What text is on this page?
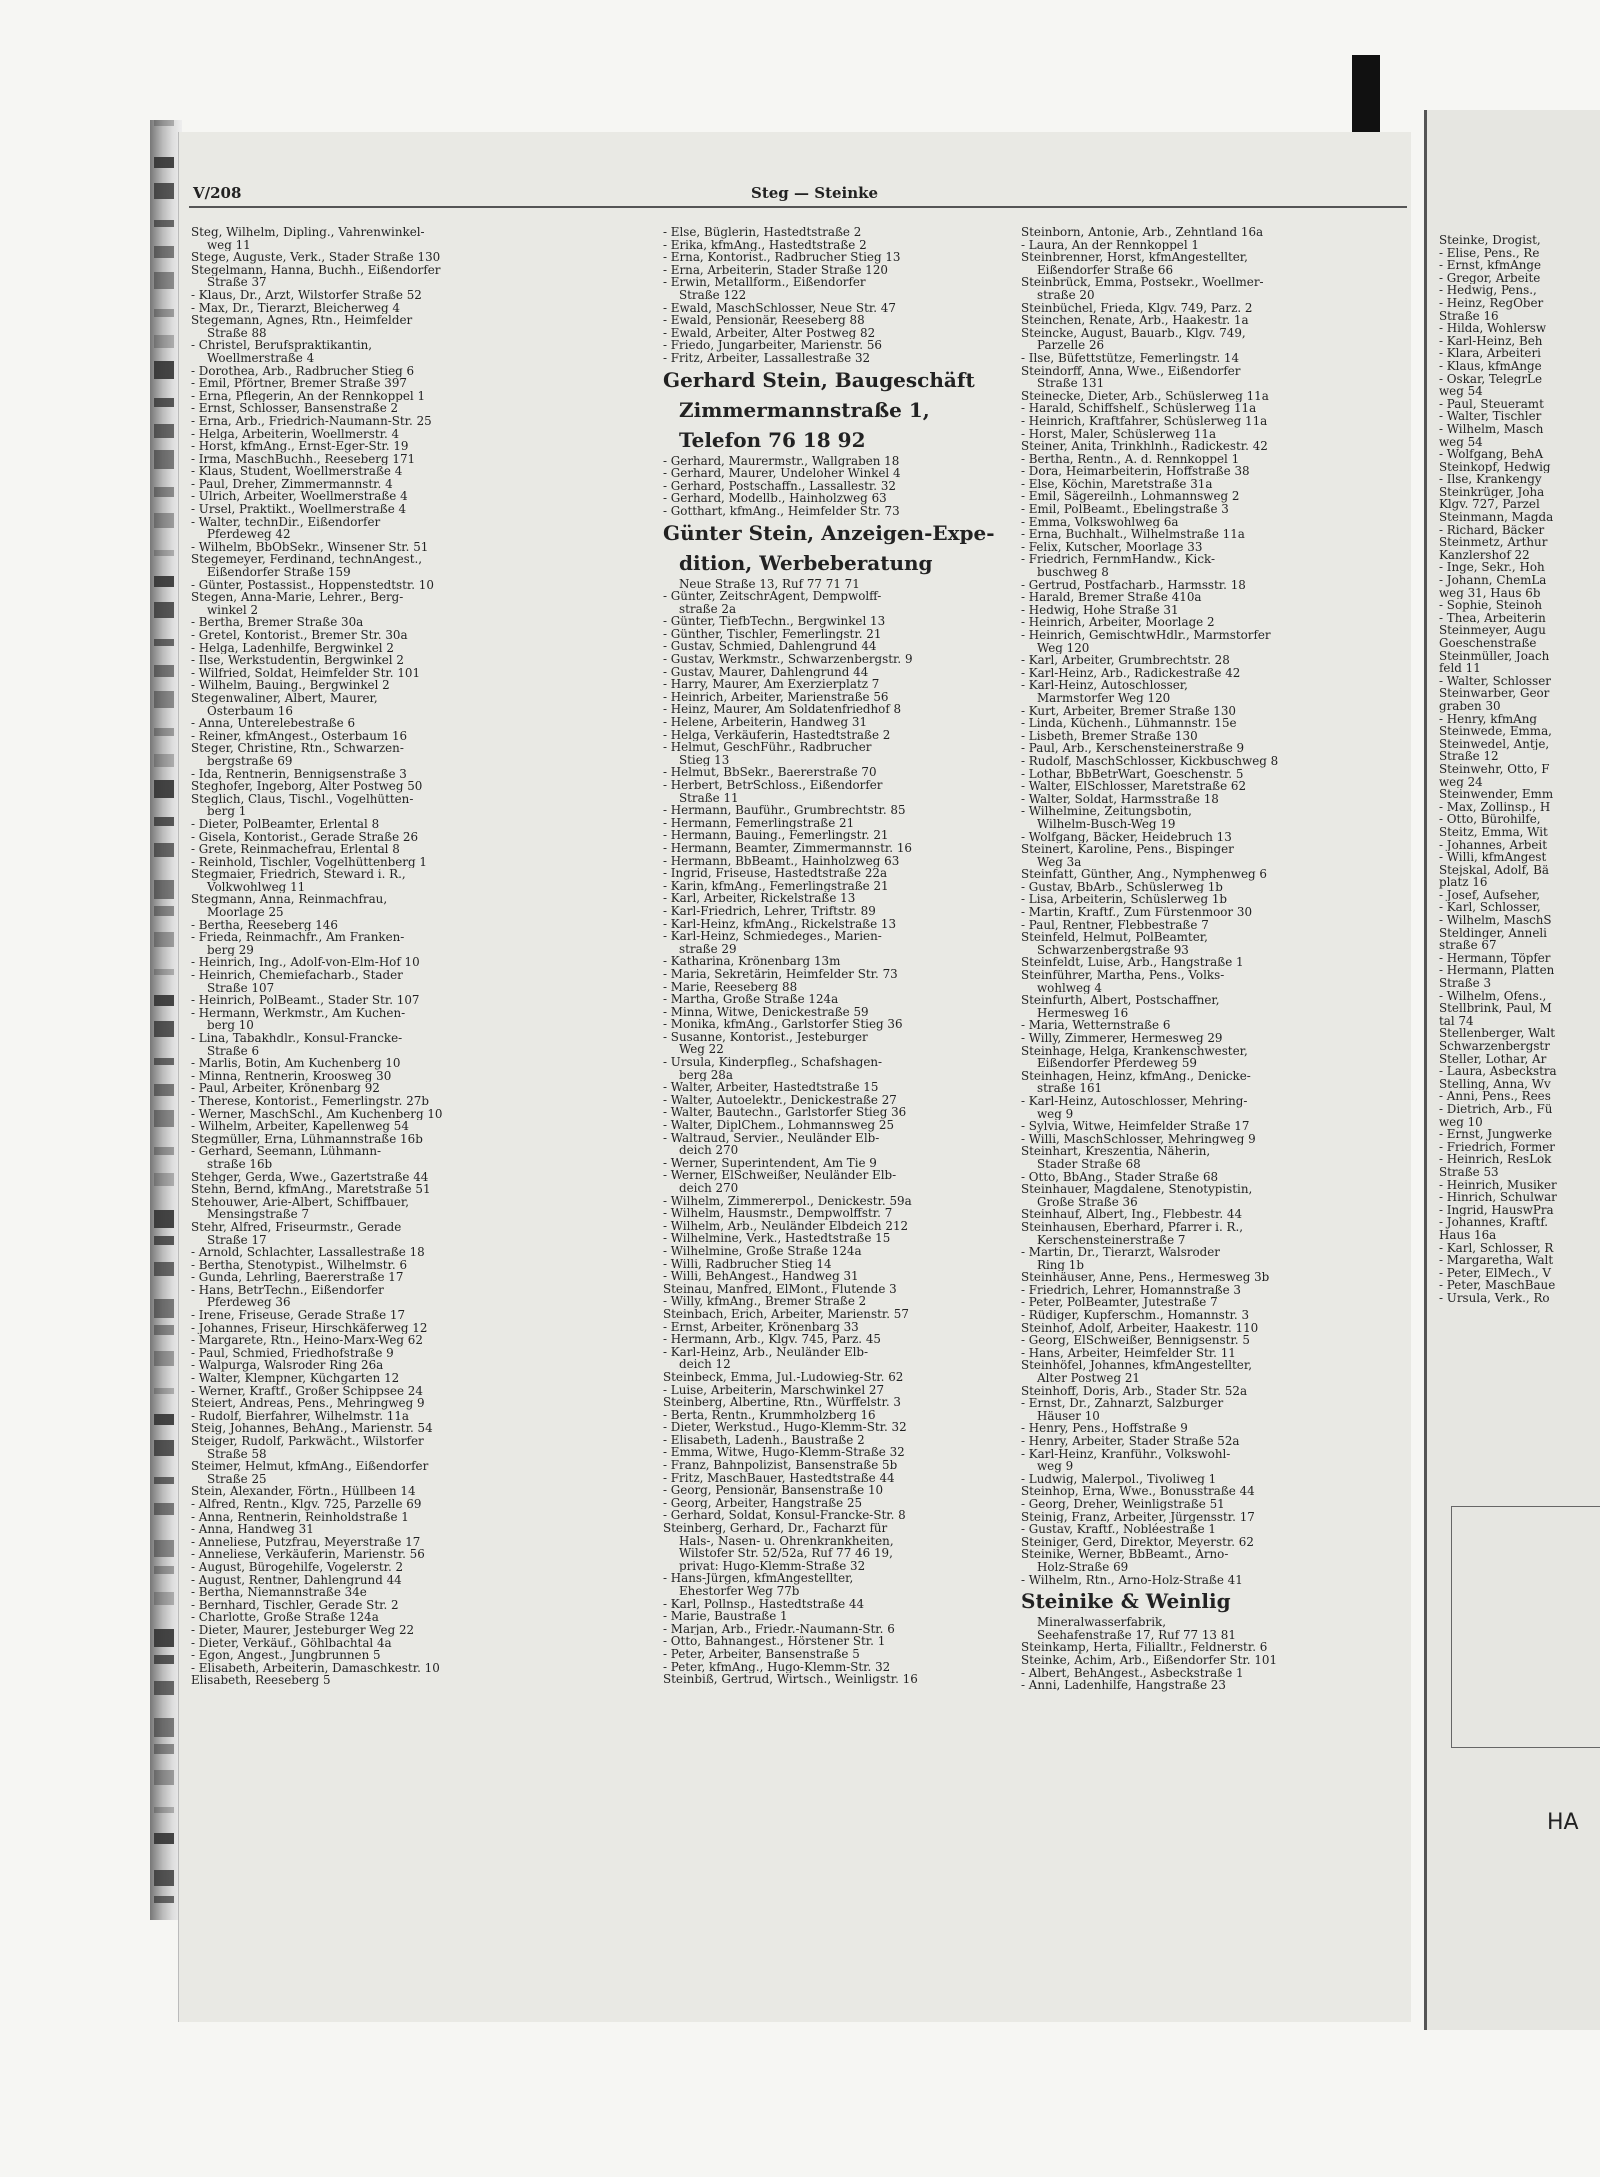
V/208	Steg — Steinke
Steg, Wilhelm, Dipling., Vahrenwinkel-
weg 11
Stege, Auguste, Verk., Stader Straße 130
Stegelmann, Hanna, Buchh., Eißendorfer
Straße 37
- Klaus, Dr., Arzt, Wilstorfer Straße 52
- Max, Dr., Tierarzt, Bleicherweg 4
Stegemann, Agnes, Rtn., Heimfelder
Straße 88
- Christel, Berufspraktikantin,
Woellmerstraße 4
- Dorothea, Arb., Radbrucher Stieg 6
- Emil, Pförtner, Bremer Straße 397
- Erna, Pflegerin, An der Rennkoppel 1
- Ernst, Schlosser, Bansenstraße 2
- Erna, Arb., Friedrich-Naumann-Str. 25
- Helga, Arbeiterin, Woellmerstr. 4
- Horst, kfmAng., Ernst-Eger-Str. 19
- Irma, MaschBuchh., Reeseberg 171
- Klaus, Student, Woellmerstraße 4
- Paul, Dreher, Zimmermannstr. 4
- Ulrich, Arbeiter, Woellmerstraße 4
- Ursel, Praktikt., Woellmerstraße 4
- Walter, technDir., Eißendorfer
Pferdeweg 42
- Wilhelm, BbObSekr., Winsener Str. 51
Stegemeyer, Ferdinand, technAngest.,
Eißendorfer Straße 159
- Günter, Postassist., Hoppenstedtstr. 10
Stegen, Anna-Marie, Lehrer., Berg-
winkel 2
- Bertha, Bremer Straße 30a
- Gretel, Kontorist., Bremer Str. 30a
- Helga, Ladenhilfe, Bergwinkel 2
- Ilse, Werkstudentin, Bergwinkel 2
- Wilfried, Soldat, Heimfelder Str. 101
- Wilhelm, Bauing., Bergwinkel 2
Stegenwaliner, Albert, Maurer,
Osterbaum 16
- Anna, Unterelebestraße 6
- Reiner, kfmAngest., Osterbaum 16
Steger, Christine, Rtn., Schwarzen-
bergstraße 69
- Ida, Rentnerin, Bennigsenstraße 3
Steghofer, Ingeborg, Alter Postweg 50
Steglich, Claus, Tischl., Vogelhütten-
berg 1
- Dieter, PolBeamter, Erlental 8
- Gisela, Kontorist., Gerade Straße 26
- Grete, Reinmachefrau, Erlental 8
- Reinhold, Tischler, Vogelhüttenberg 1
Stegmaier, Friedrich, Steward i. R.,
Volkwohlweg 11
Stegmann, Anna, Reinmachfrau,
Moorlage 25
- Bertha, Reeseberg 146
- Frieda, Reinmachfr., Am Franken-
berg 29
- Heinrich, Ing., Adolf-von-Elm-Hof 10
- Heinrich, Chemiefacharb., Stader
Straße 107
- Heinrich, PolBeamt., Stader Str. 107
- Hermann, Werkmstr., Am Kuchen-
berg 10
- Lina, Tabakhdlr., Konsul-Francke-
Straße 6
- Marlis, Botin, Am Kuchenberg 10
- Minna, Rentnerin, Kroosweg 30
- Paul, Arbeiter, Krönenbarg 92
- Therese, Kontorist., Femerlingstr. 27b
- Werner, MaschSchl., Am Kuchenberg 10
- Wilhelm, Arbeiter, Kapellenweg 54
Stegmüller, Erna, Lühmannstraße 16b
- Gerhard, Seemann, Lühmann-
straße 16b
Stehger, Gerda, Wwe., Gazertstraße 44
Stehn, Bernd, kfmAng., Maretstraße 51
Stehouwer, Arie-Albert, Schiffbauer,
Mensingstraße 7
Stehr, Alfred, Friseurmstr., Gerade
Straße 17
- Arnold, Schlachter, Lassallestraße 18
- Bertha, Stenotypist., Wilhelmstr. 6
- Gunda, Lehrling, Baererstraße 17
- Hans, BetrTechn., Eißendorfer
Pferdeweg 36
- Irene, Friseuse, Gerade Straße 17
- Johannes, Friseur, Hirschkäferweg 12
- Margarete, Rtn., Heino-Marx-Weg 62
- Paul, Schmied, Friedhofstraße 9
- Walpurga, Walsroder Ring 26a
- Walter, Klempner, Küchgarten 12
- Werner, Kraftf., Großer Schippsee 24
Steiert, Andreas, Pens., Mehringweg 9
- Rudolf, Bierfahrer, Wilhelmstr. 11a
Steig, Johannes, BehAng., Marienstr. 54
Steiger, Rudolf, Parkwächt., Wilstorfer
Straße 58
Steimer, Helmut, kfmAng., Eißendorfer
Straße 25
Stein, Alexander, Förtn., Hüllbeen 14
- Alfred, Rentn., Klgv. 725, Parzelle 69
- Anna, Rentnerin, Reinholdstraße 1
- Anna, Handweg 31
- Anneliese, Putzfrau, Meyerstraße 17
- Anneliese, Verkäuferin, Marienstr. 56
- August, Bürogehilfe, Vogelerstr. 2
- August, Rentner, Dahlengrund 44
- Bertha, Niemannstraße 34e
- Bernhard, Tischler, Gerade Str. 2
- Charlotte, Große Straße 124a
- Dieter, Maurer, Jesteburger Weg 22
- Dieter, Verkäuf., Göhlbachtal 4a
- Egon, Angest., Jungbrunnen 5
- Elisabeth, Arbeiterin, Damaschkestr. 10
Elisabeth, Reeseberg 5
- Else, Büglerin, Hastedtstraße 2
- Erika, kfmAng., Hastedtstraße 2
- Erna, Kontorist., Radbrucher Stieg 13
- Erna, Arbeiterin, Stader Straße 120
- Erwin, Metallform., Eißendorfer
Straße 122
- Ewald, MaschSchlosser, Neue Str. 47
- Ewald, Pensionär, Reeseberg 88
- Ewald, Arbeiter, Alter Postweg 82
- Friedo, Jungarbeiter, Marienstr. 56
- Fritz, Arbeiter, Lassallestraße 32
Gerhard Stein, Baugeschäft
Zimmermannstraße 1,
Telefon 76 18 92
- Gerhard, Maurermstr., Wallgraben 18
- Gerhard, Maurer, Undeloher Winkel 4
- Gerhard, Postschaffn., Lassallestr. 32
- Gerhard, Modellb., Hainholzweg 63
- Gotthart, kfmAng., Heimfelder Str. 73
Günter Stein, Anzeigen-Expe-
dition, Werbeberatung
Neue Straße 13, Ruf 77 71 71
- Günter, ZeitschrAgent, Dempwolff-
straße 2a
- Günter, TiefbTechn., Bergwinkel 13
- Günther, Tischler, Femerlingstr. 21
- Gustav, Schmied, Dahlengrund 44
- Gustav, Werkmstr., Schwarzenbergstr. 9
- Gustav, Maurer, Dahlengrund 44
- Harry, Maurer, Am Exerzierplatz 7
- Heinrich, Arbeiter, Marienstraße 56
- Heinz, Maurer, Am Soldatenfriedhof 8
- Helene, Arbeiterin, Handweg 31
- Helga, Verkäuferin, Hastedtstraße 2
- Helmut, GeschFühr., Radbrucher
Stieg 13
- Helmut, BbSekr., Baererstraße 70
- Herbert, BetrSchloss., Eißendorfer
Straße 11
- Hermann, Bauführ., Grumbrechtstr. 85
- Hermann, Femerlingstraße 21
- Hermann, Bauing., Femerlingstr. 21
- Hermann, Beamter, Zimmermannstr. 16
- Hermann, BbBeamt., Hainholzweg 63
- Ingrid, Friseuse, Hastedtstraße 22a
- Karin, kfmAng., Femerlingstraße 21
- Karl, Arbeiter, Rickelstraße 13
- Karl-Friedrich, Lehrer, Triftstr. 89
- Karl-Heinz, kfmAng., Rickelstraße 13
- Karl-Heinz, Schmiedeges., Marien-
straße 29
- Katharina, Krönenbarg 13m
- Maria, Sekretärin, Heimfelder Str. 73
- Marie, Reeseberg 88
- Martha, Große Straße 124a
- Minna, Witwe, Denickestraße 59
- Monika, kfmAng., Garlstorfer Stieg 36
- Susanne, Kontorist., Jesteburger
Weg 22
- Ursula, Kinderpfleg., Schafshagen-
berg 28a
- Walter, Arbeiter, Hastedtstraße 15
- Walter, Autoelektr., Denickestraße 27
- Walter, Bautechn., Garlstorfer Stieg 36
- Walter, DiplChem., Lohmannsweg 25
- Waltraud, Servier., Neuländer Elb-
deich 270
- Werner, Superintendent, Am Tie 9
- Werner, ElSchweißer, Neuländer Elb-
deich 270
- Wilhelm, Zimmererpol., Denickestr. 59a
- Wilhelm, Hausmstr., Dempwolffstr. 7
- Wilhelm, Arb., Neuländer Elbdeich 212
- Wilhelmine, Verk., Hastedtstraße 15
- Wilhelmine, Große Straße 124a
- Willi, Radbrucher Stieg 14
- Willi, BehAngest., Handweg 31
Steinau, Manfred, ElMont., Flutende 3
- Willy, kfmAng., Bremer Straße 2
Steinbach, Erich, Arbeiter, Marienstr. 57
- Ernst, Arbeiter, Krönenbarg 33
- Hermann, Arb., Klgv. 745, Parz. 45
- Karl-Heinz, Arb., Neuländer Elb-
deich 12
Steinbeck, Emma, Jul.-Ludowieg-Str. 62
- Luise, Arbeiterin, Marschwinkel 27
Steinberg, Albertine, Rtn., Würffelstr. 3
- Berta, Rentn., Krummholzberg 16
- Dieter, Werkstud., Hugo-Klemm-Str. 32
- Elisabeth, Ladenh., Baustraße 2
- Emma, Witwe, Hugo-Klemm-Straße 32
- Franz, Bahnpolizist, Bansenstraße 5b
- Fritz, MaschBauer, Hastedtstraße 44
- Georg, Pensionär, Bansenstraße 10
- Georg, Arbeiter, Hangstraße 25
- Gerhard, Soldat, Konsul-Francke-Str. 8
Steinberg, Gerhard, Dr., Facharzt für
Hals-, Nasen- u. Ohrenkrankheiten,
Wilstofer Str. 52/52a, Ruf 77 46 19,
privat: Hugo-Klemm-Straße 32
- Hans-Jürgen, kfmAngestellter,
Ehestorfer Weg 77b
- Karl, Pollnsp., Hastedtstraße 44
- Marie, Baustraße 1
- Marjan, Arb., Friedr.-Naumann-Str. 6
- Otto, Bahnangest., Hörstener Str. 1
- Peter, Arbeiter, Bansenstraße 5
- Peter, kfmAng., Hugo-Klemm-Str. 32
Steinbiß, Gertrud, Wirtsch., Weinligstr. 16
Steinborn, Antonie, Arb., Zehntland 16a
- Laura, An der Rennkoppel 1
Steinbrenner, Horst, kfmAngestellter,
Eißendorfer Straße 66
Steinbrück, Emma, Postsekr., Woellmer-
straße 20
Steinbüchel, Frieda, Klgv. 749, Parz. 2
Steinchen, Renate, Arb., Haakestr. 1a
Steincke, August, Bauarb., Klgv. 749,
Parzelle 26
- Ilse, Büfettstütze, Femerlingstr. 14
Steindorff, Anna, Wwe., Eißendorfer
Straße 131
Steinecke, Dieter, Arb., Schüslerweg 11a
- Harald, Schiffshelf., Schüslerweg 11a
- Heinrich, Kraftfahrer, Schüslerweg 11a
- Horst, Maler, Schüslerweg 11a
Steiner, Anita, Trinkhlnh., Radickestr. 42
- Bertha, Rentn., A. d. Rennkoppel 1
- Dora, Heimarbeiterin, Hoffstraße 38
- Else, Köchin, Maretstraße 31a
- Emil, Sägereilnh., Lohmannsweg 2
- Emil, PolBeamt., Ebelingstraße 3
- Emma, Volkswohlweg 6a
- Erna, Buchhalt., Wilhelmstraße 11a
- Felix, Kutscher, Moorlage 33
- Friedrich, FernmHandw., Kick-
buschweg 8
- Gertrud, Postfacharb., Harmsstr. 18
- Harald, Bremer Straße 410a
- Hedwig, Hohe Straße 31
- Heinrich, Arbeiter, Moorlage 2
- Heinrich, GemischtwHdlr., Marmstorfer
Weg 120
- Karl, Arbeiter, Grumbrechtstr. 28
- Karl-Heinz, Arb., Radickestraße 42
- Karl-Heinz, Autoschlosser,
Marmstorfer Weg 120
- Kurt, Arbeiter, Bremer Straße 130
- Linda, Küchenh., Lühmannstr. 15e
- Lisbeth, Bremer Straße 130
- Paul, Arb., Kerschensteinerstraße 9
- Rudolf, MaschSchlosser, Kickbuschweg 8
- Lothar, BbBetrWart, Goeschenstr. 5
- Walter, ElSchlosser, Maretstraße 62
- Walter, Soldat, Harmsstraße 18
- Wilhelmine, Zeitungsbotin,
Wilhelm-Busch-Weg 19
- Wolfgang, Bäcker, Heidebruch 13
Steinert, Karoline, Pens., Bispinger
Weg 3a
Steinfatt, Günther, Ang., Nymphenweg 6
- Gustav, BbArb., Schüslerweg 1b
- Lisa, Arbeiterin, Schüslerweg 1b
- Martin, Kraftf., Zum Fürstenmoor 30
- Paul, Rentner, Flebbestraße 7
Steinfeld, Helmut, PolBeamter,
Schwarzenbergstraße 93
Steinfeldt, Luise, Arb., Hangstraße 1
Steinführer, Martha, Pens., Volks-
wohlweg 4
Steinfurth, Albert, Postschaffner,
Hermesweg 16
- Maria, Wetternstraße 6
- Willy, Zimmerer, Hermesweg 29
Steinhage, Helga, Krankenschwester,
Eißendorfer Pferdeweg 59
Steinhagen, Heinz, kfmAng., Denicke-
straße 161
- Karl-Heinz, Autoschlosser, Mehring-
weg 9
- Sylvia, Witwe, Heimfelder Straße 17
- Willi, MaschSchlosser, Mehringweg 9
Steinhart, Kreszentia, Näherin,
Stader Straße 68
- Otto, BbAng., Stader Straße 68
Steinhauer, Magdalene, Stenotypistin,
Große Straße 36
Steinhauf, Albert, Ing., Flebbestr. 44
Steinhausen, Eberhard, Pfarrer i. R.,
Kerschensteinerstraße 7
- Martin, Dr., Tierarzt, Walsroder
Ring 1b
Steinhäuser, Anne, Pens., Hermesweg 3b
- Friedrich, Lehrer, Homannstraße 3
- Peter, PolBeamter, Jutestraße 7
- Rüdiger, Kupferschm., Homannstr. 3
Steinhof, Adolf, Arbeiter, Haakestr. 110
- Georg, ElSchweißer, Bennigsenstr. 5
- Hans, Arbeiter, Heimfelder Str. 11
Steinhöfel, Johannes, kfmAngestellter,
Alter Postweg 21
Steinhoff, Doris, Arb., Stader Str. 52a
- Ernst, Dr., Zahnarzt, Salzburger
Häuser 10
- Henry, Pens., Hoffstraße 9
- Henry, Arbeiter, Stader Straße 52a
- Karl-Heinz, Kranführ., Volkswohl-
weg 9
- Ludwig, Malerpol., Tivoliweg 1
Steinhop, Erna, Wwe., Bonusstraße 44
- Georg, Dreher, Weinligstraße 51
Steinig, Franz, Arbeiter, Jürgensstr. 17
- Gustav, Kraftf., Nobléestraße 1
Steiniger, Gerd, Direktor, Meyerstr. 62
Steinike, Werner, BbBeamt., Arno-
Holz-Straße 69
- Wilhelm, Rtn., Arno-Holz-Straße 41
Steinike & Weinlig
Mineralwasserfabrik,
Seehafenstraße 17, Ruf 77 13 81
Steinkamp, Herta, Filialltr., Feldnerstr. 6
Steinke, Achim, Arb., Eißendorfer Str. 101
- Albert, BehAngest., Asbeckstraße 1
- Anni, Ladenhilfe, Hangstraße 23
Steinke, Drogist,
- Elise, Pens., Re
- Ernst, kfmAnge
- Gregor, Arbeite
- Hedwig, Pens.,
- Heinz, RegOber
Straße 16
- Hilda, Wohlersw
- Karl-Heinz, Beh
- Klara, Arbeiteri
- Klaus, kfmAnge
- Oskar, TelegrLe
weg 54
- Paul, Steueramt
- Walter, Tischler
- Wilhelm, Masch
weg 54
- Wolfgang, BehA
Steinkopf, Hedwig
- Ilse, Krankengy
Steinkrüger, Joha
Klgv. 727, Parzel
Steinmann, Magda
- Richard, Bäcker
Steinmetz, Arthur
Kanzlershof 22
- Inge, Sekr., Hoh
- Johann, ChemLa
weg 31, Haus 6b
- Sophie, Steinoh
- Thea, Arbeiterin
Steinmeyer, Augu
Goeschenstraße
Steinmüller, Joach
feld 11
- Walter, Schlosser
Steinwarber, Geor
graben 30
- Henry, kfmAng
Steinwede, Emma,
Steinwedel, Antje,
Straße 12
Steinwehr, Otto, F
weg 24
Steinwender, Emm
- Max, Zollinsp., H
- Otto, Bürohilfe,
Steitz, Emma, Wit
- Johannes, Arbeit
- Willi, kfmAngest
Stejskal, Adolf, Bä
platz 16
- Josef, Aufseher,
- Karl, Schlosser,
- Wilhelm, MaschS
Steldinger, Anneli
straße 67
- Hermann, Töpfer
- Hermann, Platten
Straße 3
- Wilhelm, Ofens.,
Stellbrink, Paul, M
tal 74
Stellenberger, Walt
Schwarzenbergstr
Steller, Lothar, Ar
- Laura, Asbeckstra
Stelling, Anna, Wv
- Anni, Pens., Rees
- Dietrich, Arb., Fü
weg 10
- Ernst, Jungwerke
- Friedrich, Former
- Heinrich, ResLok
Straße 53
- Heinrich, Musiker
- Hinrich, Schulwar
- Ingrid, HauswPra
- Johannes, Kraftf.
Haus 16a
- Karl, Schlosser, R
- Margaretha, Walt
- Peter, ElMech., V
- Peter, MaschBaue
- Ursula, Verk., Ro
HA
